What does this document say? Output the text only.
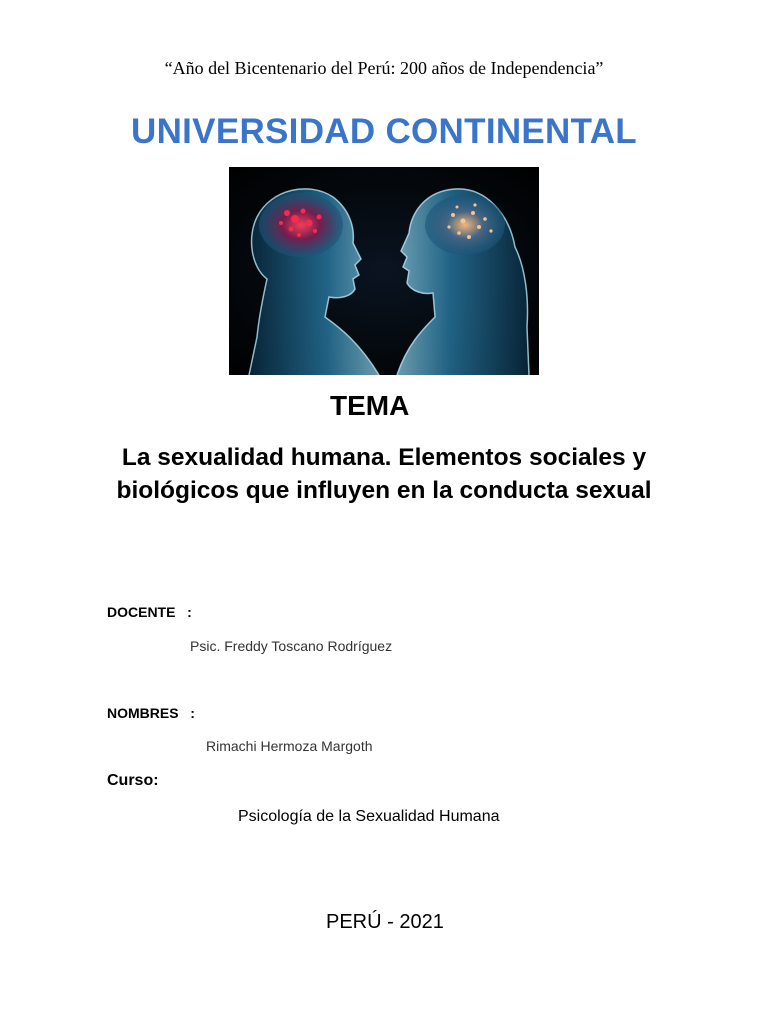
“Año del Bicentenario del Perú: 200 años de Independencia”
UNIVERSIDAD CONTINENTAL
TEMA
La sexualidad humana. Elementos sociales y biológicos que influyen en la conducta sexual
DOCENTE   :
Psic. Freddy Toscano Rodríguez
NOMBRES   :
Rimachi Hermoza Margoth
Curso:
Psicología de la Sexualidad Humana
PERÚ - 2021
